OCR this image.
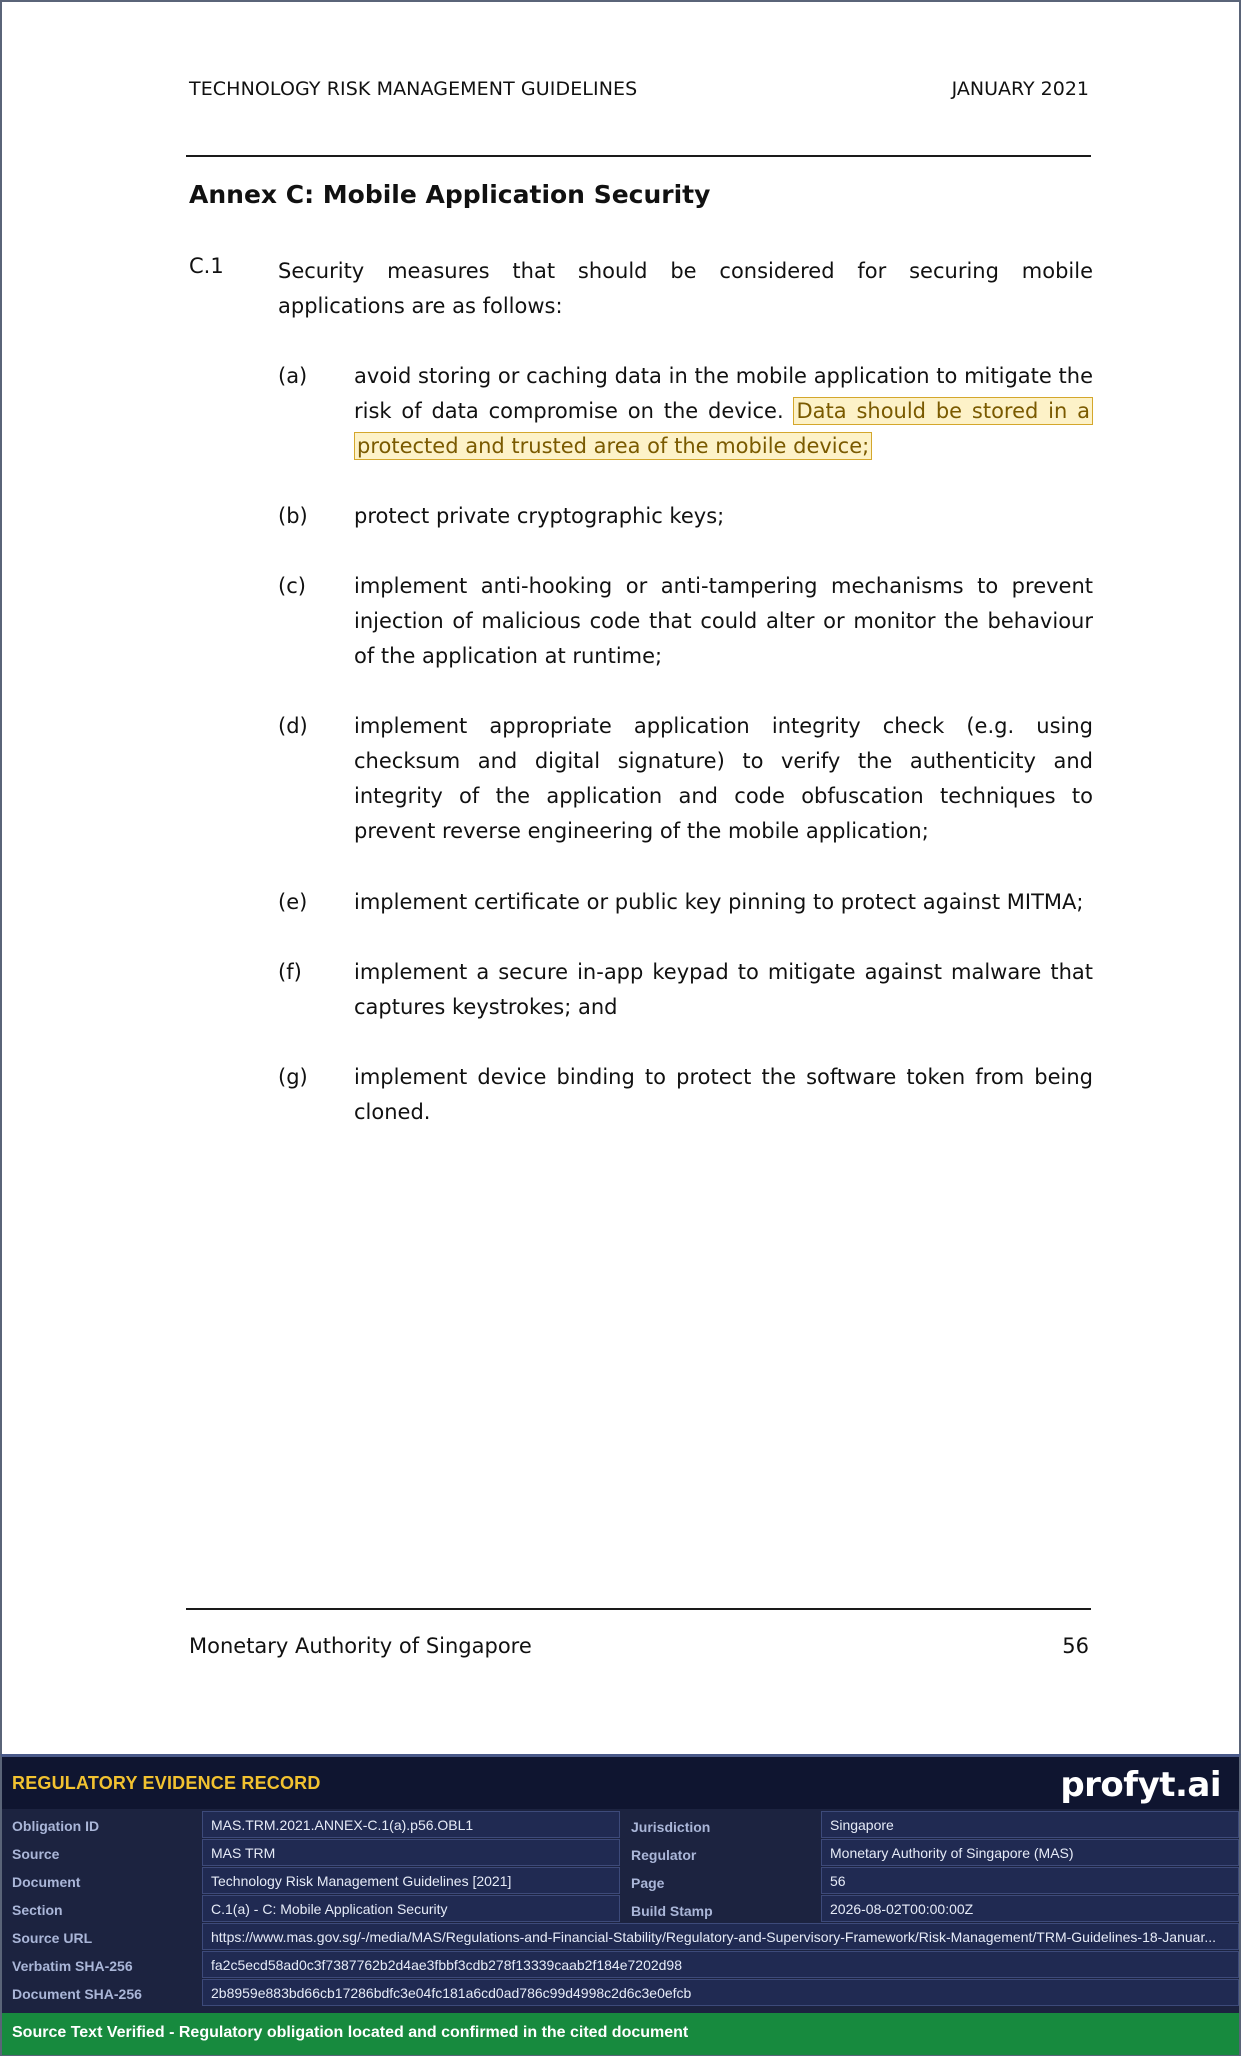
TECHNOLOGY RISK MANAGEMENT GUIDELINES	JANUARY 2021
Annex C: Mobile Application Security
C.1	Security measures that should be considered for securing mobile applications are as follows:
(a) avoid storing or caching data in the mobile application to mitigate the risk of data compromise on the device. Data should be stored in a protected and trusted area of the mobile device;
(b) protect private cryptographic keys;
(c) implement anti-hooking or anti-tampering mechanisms to prevent injection of malicious code that could alter or monitor the behaviour of the application at runtime;
(d) implement appropriate application integrity check (e.g. using checksum and digital signature) to verify the authenticity and integrity of the application and code obfuscation techniques to prevent reverse engineering of the mobile application;
(e) implement certificate or public key pinning to protect against MITMA;
(f) implement a secure in-app keypad to mitigate against malware that captures keystrokes; and
(g) implement device binding to protect the software token from being cloned.
Monetary Authority of Singapore	56
REGULATORY EVIDENCE RECORD	profyt.ai
Obligation ID	MAS.TRM.2021.ANNEX-C.1(a).p56.OBL1	Jurisdiction	Singapore
Source	MAS TRM	Regulator	Monetary Authority of Singapore (MAS)
Document	Technology Risk Management Guidelines [2021]	Page	56
Section	C.1(a) - C: Mobile Application Security	Build Stamp	2026-08-02T00:00:00Z
Source URL	https://www.mas.gov.sg/-/media/MAS/Regulations-and-Financial-Stability/Regulatory-and-Supervisory-Framework/Risk-Management/TRM-Guidelines-18-Januar...
Verbatim SHA-256	fa2c5ecd58ad0c3f7387762b2d4ae3fbbf3cdb278f13339caab2f184e7202d98
Document SHA-256	2b8959e883bd66cb17286bdfc3e04fc181a6cd0ad786c99d4998c2d6c3e0efcb
Source Text Verified - Regulatory obligation located and confirmed in the cited document
